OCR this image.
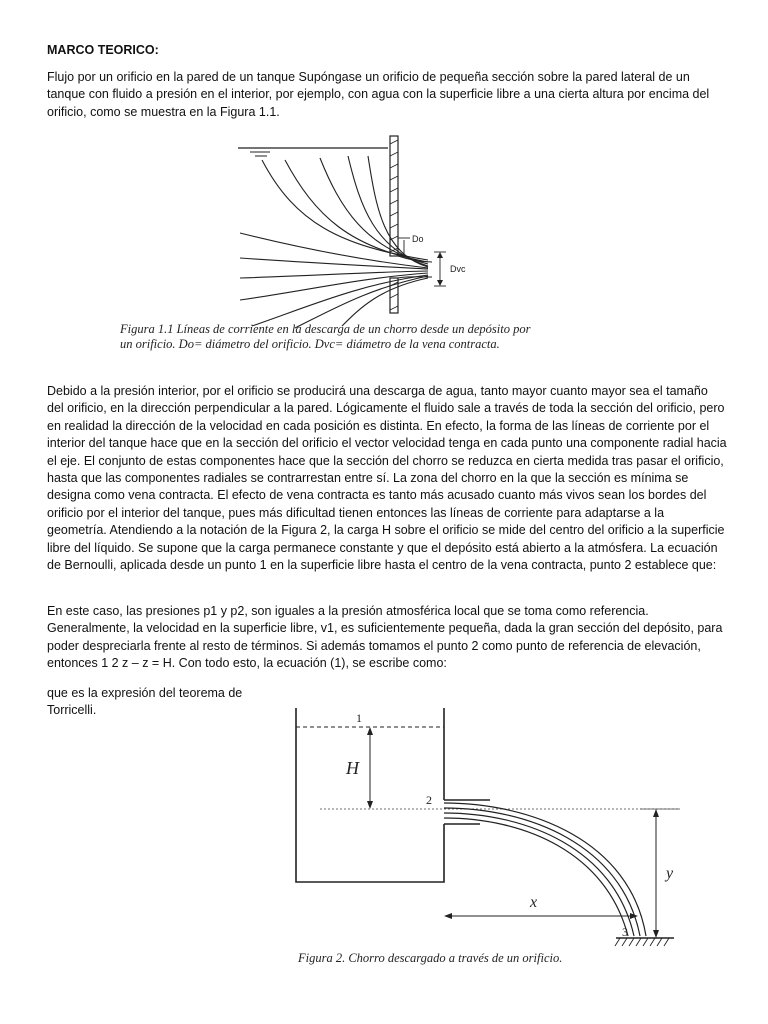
MARCO TEORICO:
Flujo por un orificio en la pared de un tanque Supóngase un orificio de pequeña sección sobre la pared lateral de un tanque con fluido a presión en el interior, por ejemplo, con agua con la superficie libre a una cierta altura por encima del orificio, como se muestra en la Figura 1.1.
Do
Dvc
Figura 1.1 Líneas de corriente en la descarga de un chorro desde un depósito por
un orificio. Do= diámetro del orificio. Dvc= diámetro de la vena contracta.
Debido a la presión interior, por el orificio se producirá una descarga de agua, tanto mayor cuanto mayor sea el tamaño del orificio, en la dirección perpendicular a la pared. Lógicamente el fluido sale a través de toda la sección del orificio, pero en realidad la dirección de la velocidad en cada posición es distinta. En efecto, la forma de las líneas de corriente por el interior del tanque hace que en la sección del orificio el vector velocidad tenga en cada punto una componente radial hacia el eje. El conjunto de estas componentes hace que la sección del chorro se reduzca en cierta medida tras pasar el orificio, hasta que las componentes radiales se contrarrestan entre sí. La zona del chorro en la que la sección es mínima se designa como vena contracta. El efecto de vena contracta es tanto más acusado cuanto más vivos sean los bordes del orificio por el interior del tanque, pues más dificultad tienen entonces las líneas de corriente para adaptarse a la geometría. Atendiendo a la notación de la Figura 2, la carga H sobre el orificio se mide del centro del orificio a la superficie libre del líquido. Se supone que la carga permanece constante y que el depósito está abierto a la atmósfera. La ecuación de Bernoulli, aplicada desde un punto 1 en la superficie libre hasta el centro de la vena contracta, punto 2 establece que:
En este caso, las presiones p1 y p2, son iguales a la presión atmosférica local que se toma como referencia. Generalmente, la velocidad en la superficie libre, v1, es suficientemente pequeña, dada la gran sección del depósito, para poder despreciarla frente al resto de términos. Si además tomamos el punto 2 como punto de referencia de elevación, entonces 1 2 z – z = H. Con todo esto, la ecuación (1), se escribe como:
que es la expresión del teorema de Torricelli.
1
2
3
H
x
y
Figura 2. Chorro descargado a través de un orificio.
